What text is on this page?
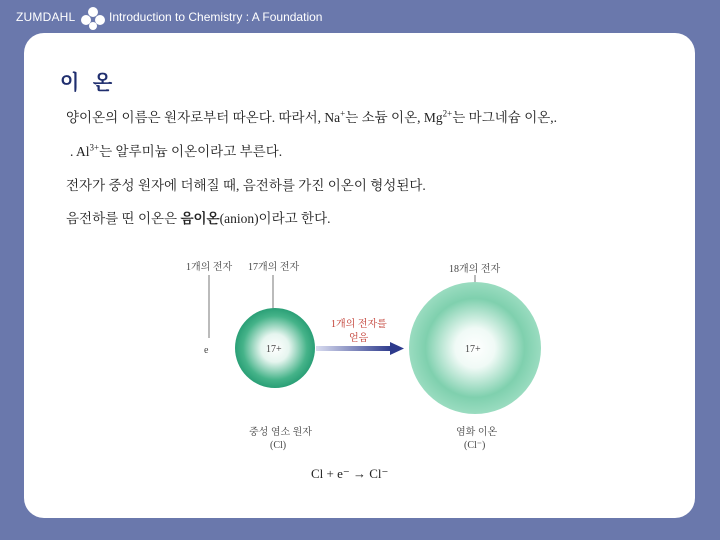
ZUMDAHL	Introduction to Chemistry : A Foundation
이 온
양이온의 이름은 원자로부터 따온다. 따라서, Na+는 소듐 이온, $Mg^{2+}$는 마그네슘 이온,.
. $Al^{3+}$는 알루미늄 이온이라고 부른다.
전자가 중성 원자에 더해질 때, 음전하를 가진 이온이 형성된다.
음전하를 띤 이온은 음이온(anion)이라고 한다.
1개의 전자 17개의 전자	18개의 전자
e	17+
1개의 전자를
얻음
17+
중성 염소 원자
(Cl)
염화 이온
(Cl⁻)
Cl + e⁻ → Cl⁻
